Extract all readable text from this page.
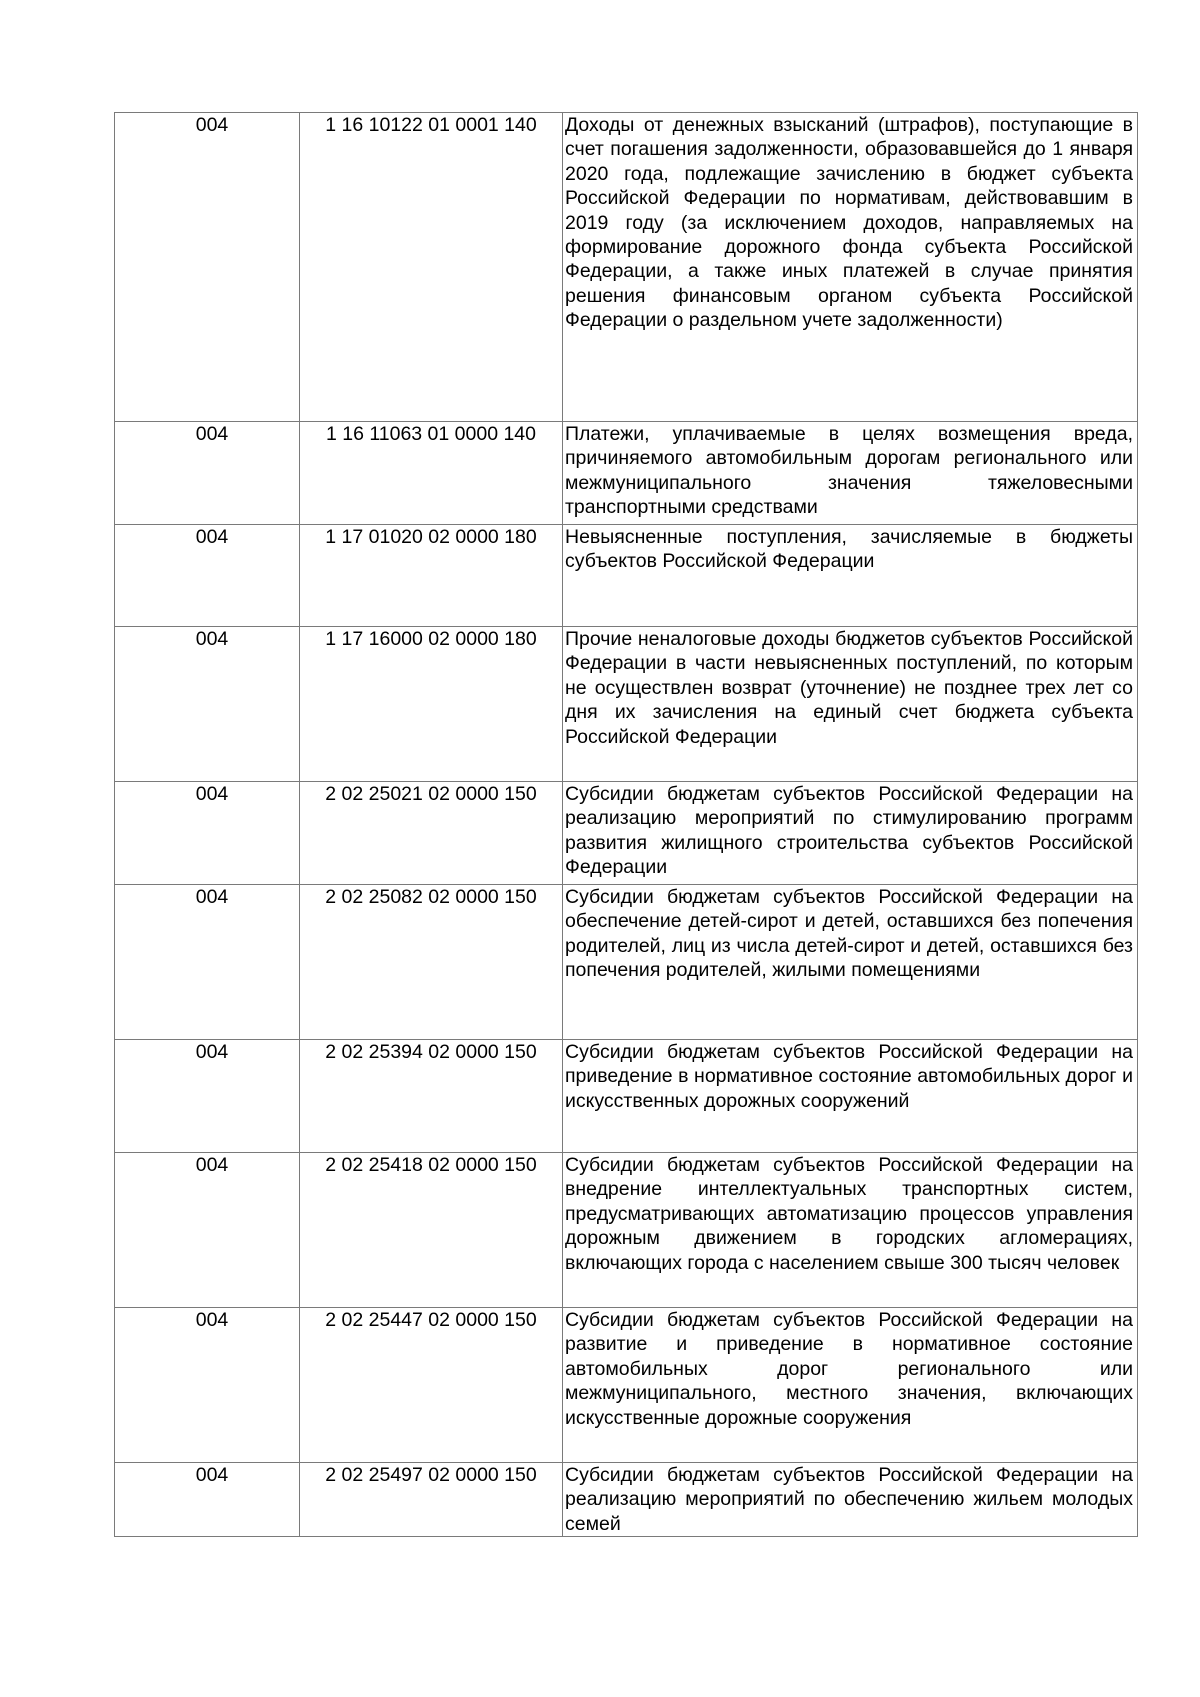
004	1 16 10122 01 0001 140	Доходы от денежных взысканий (штрафов), поступающие в счет погашения задолженности, образовавшейся до 1 января 2020 года, подлежащие зачислению в бюджет субъекта Российской Федерации по нормативам, действовавшим в 2019 году (за исключением доходов, направляемых на формирование дорожного фонда субъекта Российской Федерации, а также иных платежей в случае принятия решения финансовым органом субъекта Российской Федерации о раздельном учете задолженности)
004	1 16 11063 01 0000 140	Платежи, уплачиваемые в целях возмещения вреда, причиняемого автомобильным дорогам регионального или межмуниципального значения тяжеловесными транспортными средствами
004	1 17 01020 02 0000 180	Невыясненные поступления, зачисляемые в бюджеты субъектов Российской Федерации
004	1 17 16000 02 0000 180	Прочие неналоговые доходы бюджетов субъектов Российской Федерации в части невыясненных поступлений, по которым не осуществлен возврат (уточнение) не позднее трех лет со дня их зачисления на единый счет бюджета субъекта Российской Федерации
004	2 02 25021 02 0000 150	Субсидии бюджетам субъектов Российской Федерации на реализацию мероприятий по стимулированию программ развития жилищного строительства субъектов Российской Федерации
004	2 02 25082 02 0000 150	Субсидии бюджетам субъектов Российской Федерации на обеспечение детей-сирот и детей, оставшихся без попечения родителей, лиц из числа детей-сирот и детей, оставшихся без попечения родителей, жилыми помещениями
004	2 02 25394 02 0000 150	Субсидии бюджетам субъектов Российской Федерации на приведение в нормативное состояние автомобильных дорог и искусственных дорожных сооружений
004	2 02 25418 02 0000 150	Субсидии бюджетам субъектов Российской Федерации на внедрение интеллектуальных транспортных систем, предусматривающих автоматизацию процессов управления дорожным движением в городских агломерациях, включающих города с населением свыше 300 тысяч человек
004	2 02 25447 02 0000 150	Субсидии бюджетам субъектов Российской Федерации на развитие и приведение в нормативное состояние автомобильных дорог регионального или межмуниципального, местного значения, включающих искусственные дорожные сооружения
004	2 02 25497 02 0000 150	Субсидии бюджетам субъектов Российской Федерации на реализацию мероприятий по обеспечению жильем молодых семей
